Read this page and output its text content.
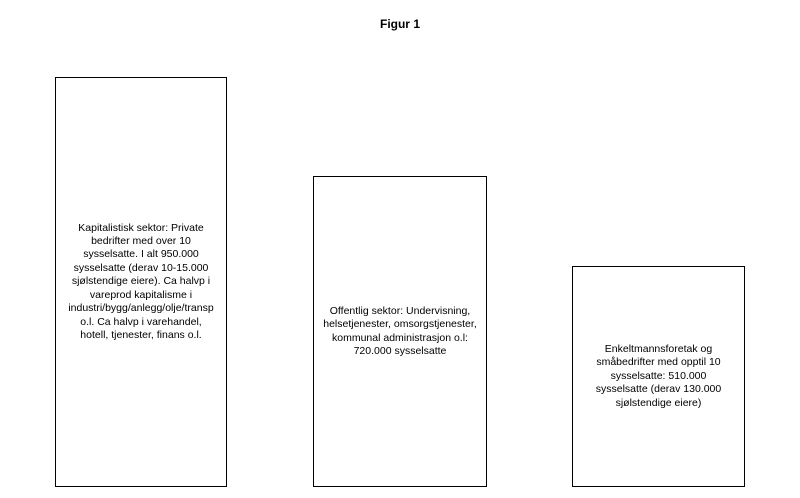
Figur 1
Kapitalistisk sektor: Private bedrifter med over 10 sysselsatte. I alt 950.000 sysselsatte (derav 10-15.000 sjølstendige eiere). Ca halvp i vareprod kapitalisme i industri/bygg/anlegg/olje/transp o.l. Ca halvp i varehandel, hotell, tjenester, finans o.l.
Offentlig sektor: Undervisning, helsetjenester, omsorgstjenester, kommunal administrasjon o.l: 720.000 sysselsatte	Enkeltmannsforetak og småbedrifter med opptil 10 sysselsatte: 510.000 sysselsatte (derav 130.000 sjølstendige eiere)
